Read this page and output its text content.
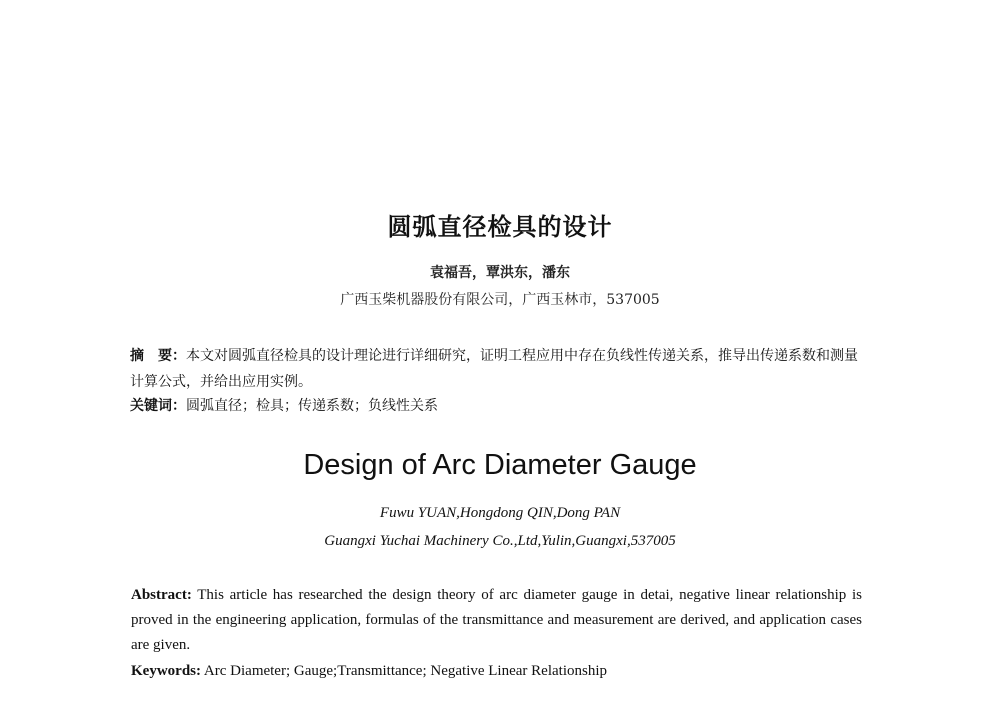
圆弧直径检具的设计
袁福吾，覃洪东，潘东
广西玉柴机器股份有限公司，广西玉林市，537005
摘　要：本文对圆弧直径检具的设计理论进行详细研究，证明工程应用中存在负线性传递关系，推导出传递系数和测量计算公式，并给出应用实例。
关键词：圆弧直径；检具；传递系数；负线性关系
Design of Arc Diameter Gauge
Fuwu YUAN,Hongdong QIN,Dong PAN
Guangxi Yuchai Machinery Co.,Ltd,Yulin,Guangxi,537005
Abstract: This article has researched the design theory of arc diameter gauge in detai, negative linear relationship is proved in the engineering application, formulas of the transmittance and measurement are derived, and application cases are given.
Keywords: Arc Diameter; Gauge;Transmittance; Negative Linear Relationship
